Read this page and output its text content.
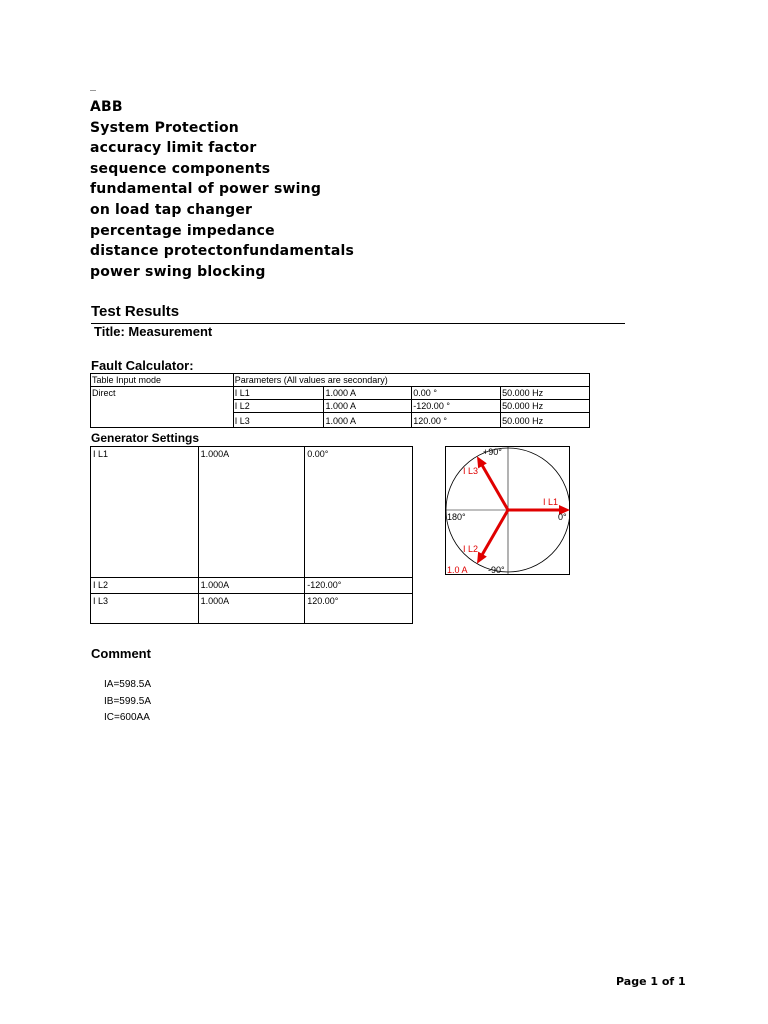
ABB
System Protection
accuracy limit factor
sequence components
fundamental of power swing
on load tap changer
percentage impedance
distance protectonfundamentals
power swing blocking
Test Results
Title: Measurement
Fault Calculator:
Table Input mode	Parameters (All values are secondary)			
Direct	I L1	1.000 A	0.00 °	50.000 Hz
	I L2	1.000 A	-120.00 °	50.000 Hz
	I L3	1.000 A	120.00 °	50.000 Hz
Generator Settings
I L1	1.000A	0.00°
I L2	1.000A	-120.00°
I L3	1.000A	120.00°
+90°
-90°
180°	0°
1.0 A
I L1
I L2
I L3
Comment
IA=598.5A
IB=599.5A
IC=600AA
Page 1 of 1
